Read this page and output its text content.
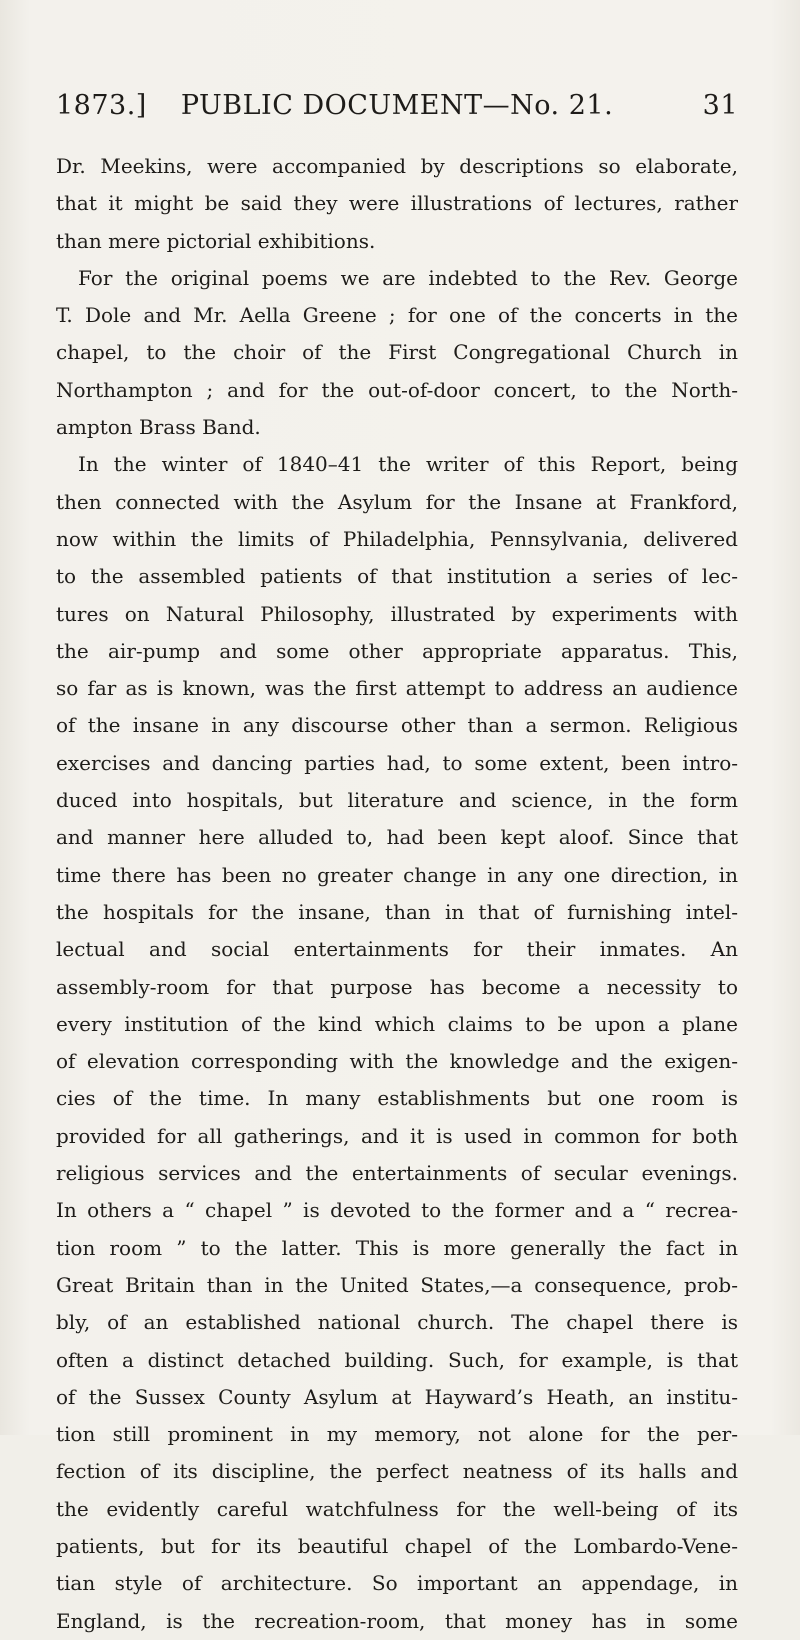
1873.]	PUBLIC DOCUMENT—No. 21.	31
Dr. Meekins, were accompanied by descriptions so elaborate,
that it might be said they were illustrations of lectures, rather
than mere pictorial exhibitions.
For the original poems we are indebted to the Rev. George
T. Dole and Mr. Aella Greene ; for one of the concerts in the
chapel, to the choir of the First Congregational Church in
Northampton ; and for the out-of-door concert, to the North-
ampton Brass Band.
In the winter of 1840–41 the writer of this Report, being
then connected with the Asylum for the Insane at Frankford,
now within the limits of Philadelphia, Pennsylvania, delivered
to the assembled patients of that institution a series of lec-
tures on Natural Philosophy, illustrated by experiments with
the air-pump and some other appropriate apparatus. This,
so far as is known, was the first attempt to address an audience
of the insane in any discourse other than a sermon. Religious
exercises and dancing parties had, to some extent, been intro-
duced into hospitals, but literature and science, in the form
and manner here alluded to, had been kept aloof. Since that
time there has been no greater change in any one direction, in
the hospitals for the insane, than in that of furnishing intel-
lectual and social entertainments for their inmates. An
assembly-room for that purpose has become a necessity to
every institution of the kind which claims to be upon a plane
of elevation corresponding with the knowledge and the exigen-
cies of the time. In many establishments but one room is
provided for all gatherings, and it is used in common for both
religious services and the entertainments of secular evenings.
In others a “ chapel ” is devoted to the former and a “ recrea-
tion room ” to the latter. This is more generally the fact in
Great Britain than in the United States,—a consequence, prob-
bly, of an established national church. The chapel there is
often a distinct detached building. Such, for example, is that
of the Sussex County Asylum at Hayward’s Heath, an institu-
tion still prominent in my memory, not alone for the per-
fection of its discipline, the perfect neatness of its halls and
the evidently careful watchfulness for the well-being of its
patients, but for its beautiful chapel of the Lombardo-Vene-
tian style of architecture. So important an appendage, in
England, is the recreation-room, that money has in some
